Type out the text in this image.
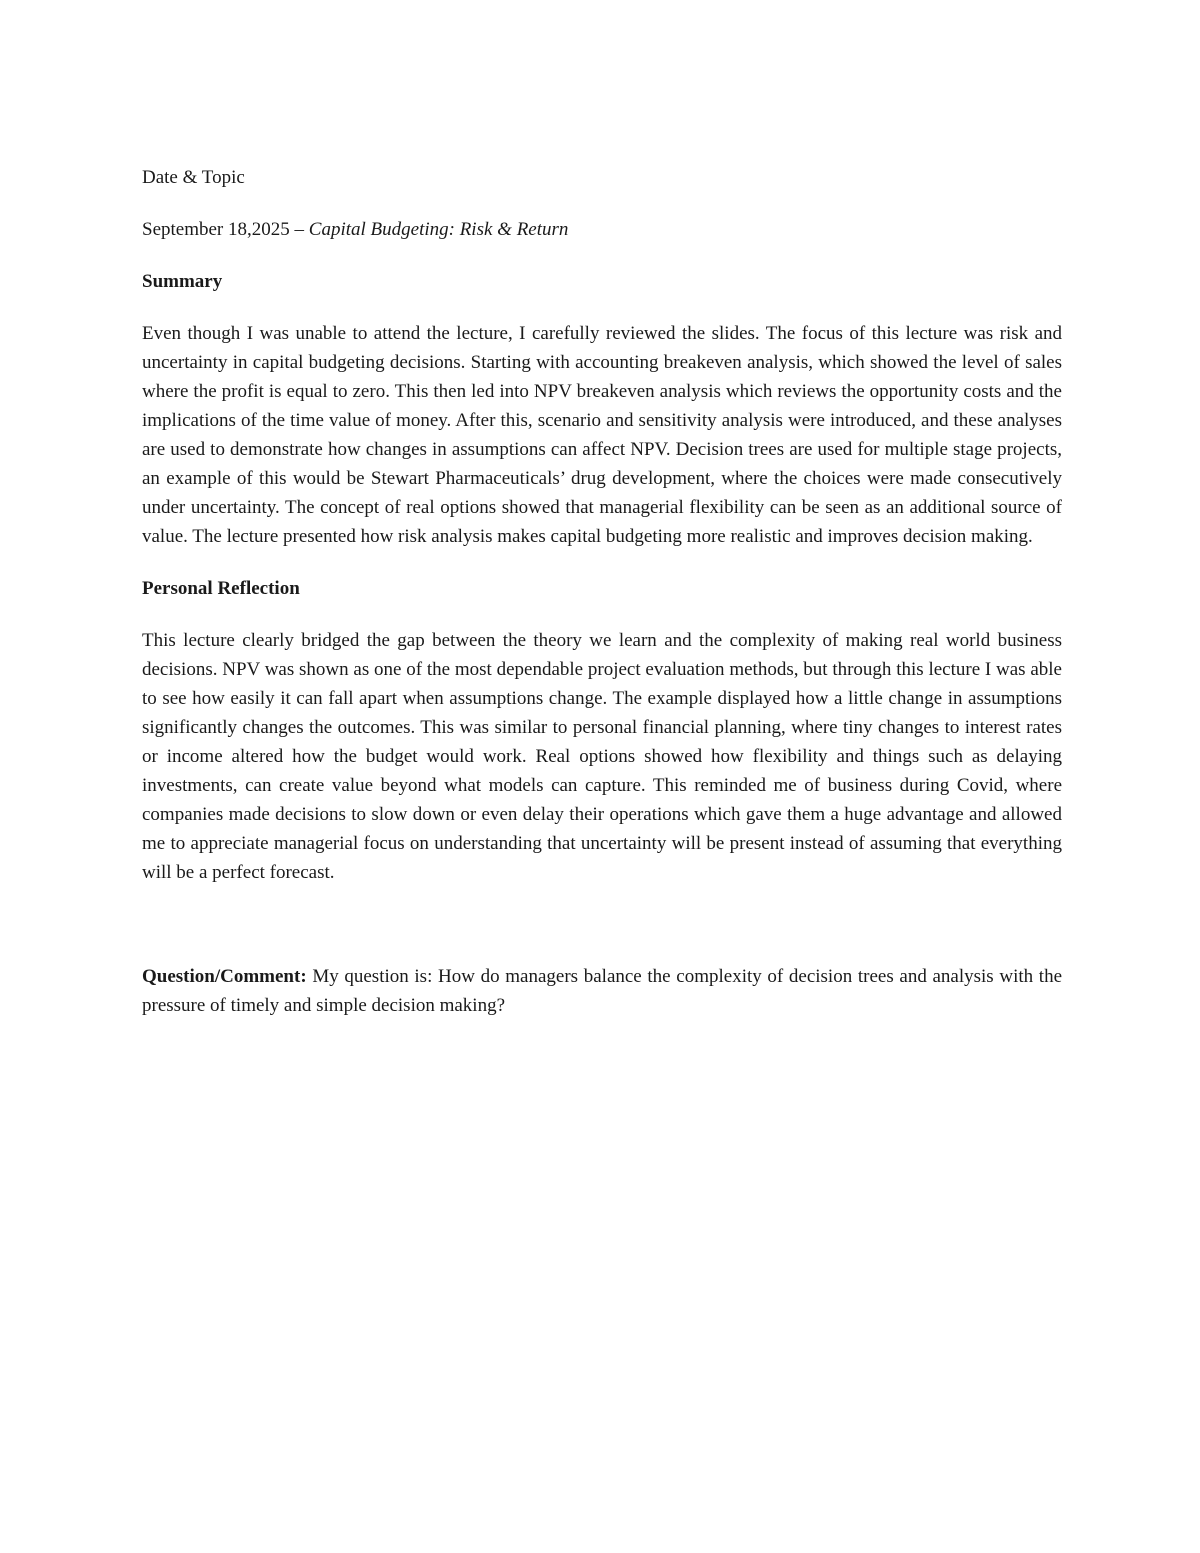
Date & Topic

September 18,2025 – Capital Budgeting: Risk & Return

Summary

Even though I was unable to attend the lecture, I carefully reviewed the slides. The focus of this lecture was risk and uncertainty in capital budgeting decisions. Starting with accounting breakeven analysis, which showed the level of sales where the profit is equal to zero. This then led into NPV breakeven analysis which reviews the opportunity costs and the implications of the time value of money. After this, scenario and sensitivity analysis were introduced, and these analyses are used to demonstrate how changes in assumptions can affect NPV. Decision trees are used for multiple stage projects, an example of this would be Stewart Pharmaceuticals’ drug development, where the choices were made consecutively under uncertainty. The concept of real options showed that managerial flexibility can be seen as an additional source of value. The lecture presented how risk analysis makes capital budgeting more realistic and improves decision making.

Personal Reflection

This lecture clearly bridged the gap between the theory we learn and the complexity of making real world business decisions. NPV was shown as one of the most dependable project evaluation methods, but through this lecture I was able to see how easily it can fall apart when assumptions change. The example displayed how a little change in assumptions significantly changes the outcomes. This was similar to personal financial planning, where tiny changes to interest rates or income altered how the budget would work. Real options showed how flexibility and things such as delaying investments, can create value beyond what models can capture. This reminded me of business during Covid, where companies made decisions to slow down or even delay their operations which gave them a huge advantage and allowed me to appreciate managerial focus on understanding that uncertainty will be present instead of assuming that everything will be a perfect forecast.

Question/Comment: My question is: How do managers balance the complexity of decision trees and analysis with the pressure of timely and simple decision making?
